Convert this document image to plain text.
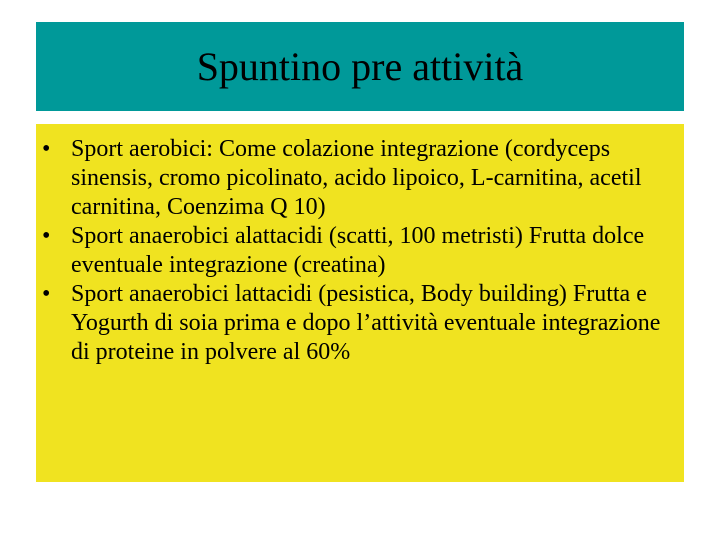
Spuntino pre attività
• Sport aerobici: Come colazione integrazione (cordyceps sinensis, cromo picolinato, acido lipoico, L-carnitina, acetil carnitina, Coenzima Q 10)
• Sport anaerobici alattacidi (scatti, 100 metristi) Frutta dolce eventuale integrazione (creatina)
• Sport anaerobici lattacidi (pesistica, Body building) Frutta e Yogurth di soia prima e dopo l’attività eventuale integrazione di proteine in polvere al 60%
